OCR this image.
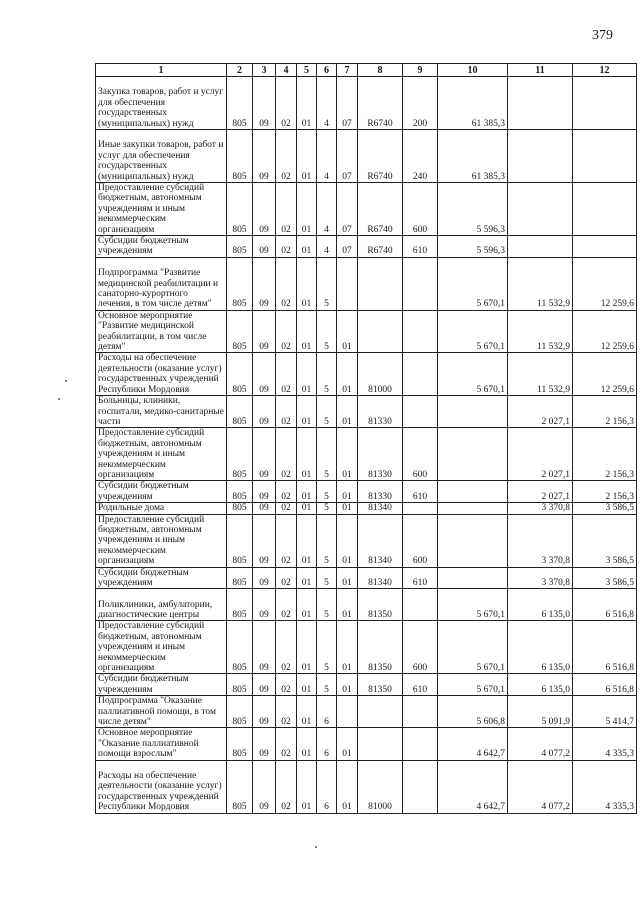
379
1	2	3	4	5	6	7	8	9	10	11	12
Закупка товаров, работ и услуг для обеспечения государственных (муниципальных) нужд	805	09	02	01	4	07	R6740	200	61 385,3		
Иные закупки товаров, работ и услуг для обеспечения государственных (муниципальных) нужд	805	09	02	01	4	07	R6740	240	61 385,3		
Предоставление субсидий бюджетным, автономным учреждениям и иным некоммерческим организациям	805	09	02	01	4	07	R6740	600	5 596,3		
Субсидии бюджетным учреждениям	805	09	02	01	4	07	R6740	610	5 596,3		
Подпрограмма "Развитие медицинской реабилитации и санаторно-курортного лечения, в том числе детям"	805	09	02	01	5				5 670,1	11 532,9	12 259,6
Основное мероприятие "Развитие медицинской реабилитации, в том числе детям"	805	09	02	01	5	01			5 670,1	11 532,9	12 259,6
Расходы на обеспечение деятельности (оказание услуг) государственных учреждений Республики Мордовия	805	09	02	01	5	01	81000		5 670,1	11 532,9	12 259,6
Больницы, клиники, госпитали, медико-санитарные части	805	09	02	01	5	01	81330			2 027,1	2 156,3
Предоставление субсидий бюджетным, автономным учреждениям и иным некоммерческим организациям	805	09	02	01	5	01	81330	600		2 027,1	2 156,3
Субсидии бюджетным учреждениям	805	09	02	01	5	01	81330	610		2 027,1	2 156,3
Родильные дома	805	09	02	01	5	01	81340			3 370,8	3 586,5
Предоставление субсидий бюджетным, автономным учреждениям и иным некоммерческим организациям	805	09	02	01	5	01	81340	600		3 370,8	3 586,5
Субсидии бюджетным учреждениям	805	09	02	01	5	01	81340	610		3 370,8	3 586,5
Поликлиники, амбулатории, диагностические центры	805	09	02	01	5	01	81350		5 670,1	6 135,0	6 516,8
Предоставление субсидий бюджетным, автономным учреждениям и иным некоммерческим организациям	805	09	02	01	5	01	81350	600	5 670,1	6 135,0	6 516,8
Субсидии бюджетным учреждениям	805	09	02	01	5	01	81350	610	5 670,1	6 135,0	6 516,8
Подпрограмма "Оказание паллиативной помощи, в том числе детям"	805	09	02	01	6				5 606,8	5 091,9	5 414,7
Основное мероприятие "Оказание паллиативной помощи взрослым"	805	09	02	01	6	01			4 642,7	4 077,2	4 335,3
Расходы на обеспечение деятельности (оказание услуг) государственных учреждений Республики Мордовия	805	09	02	01	6	01	81000		4 642,7	4 077,2	4 335,3
